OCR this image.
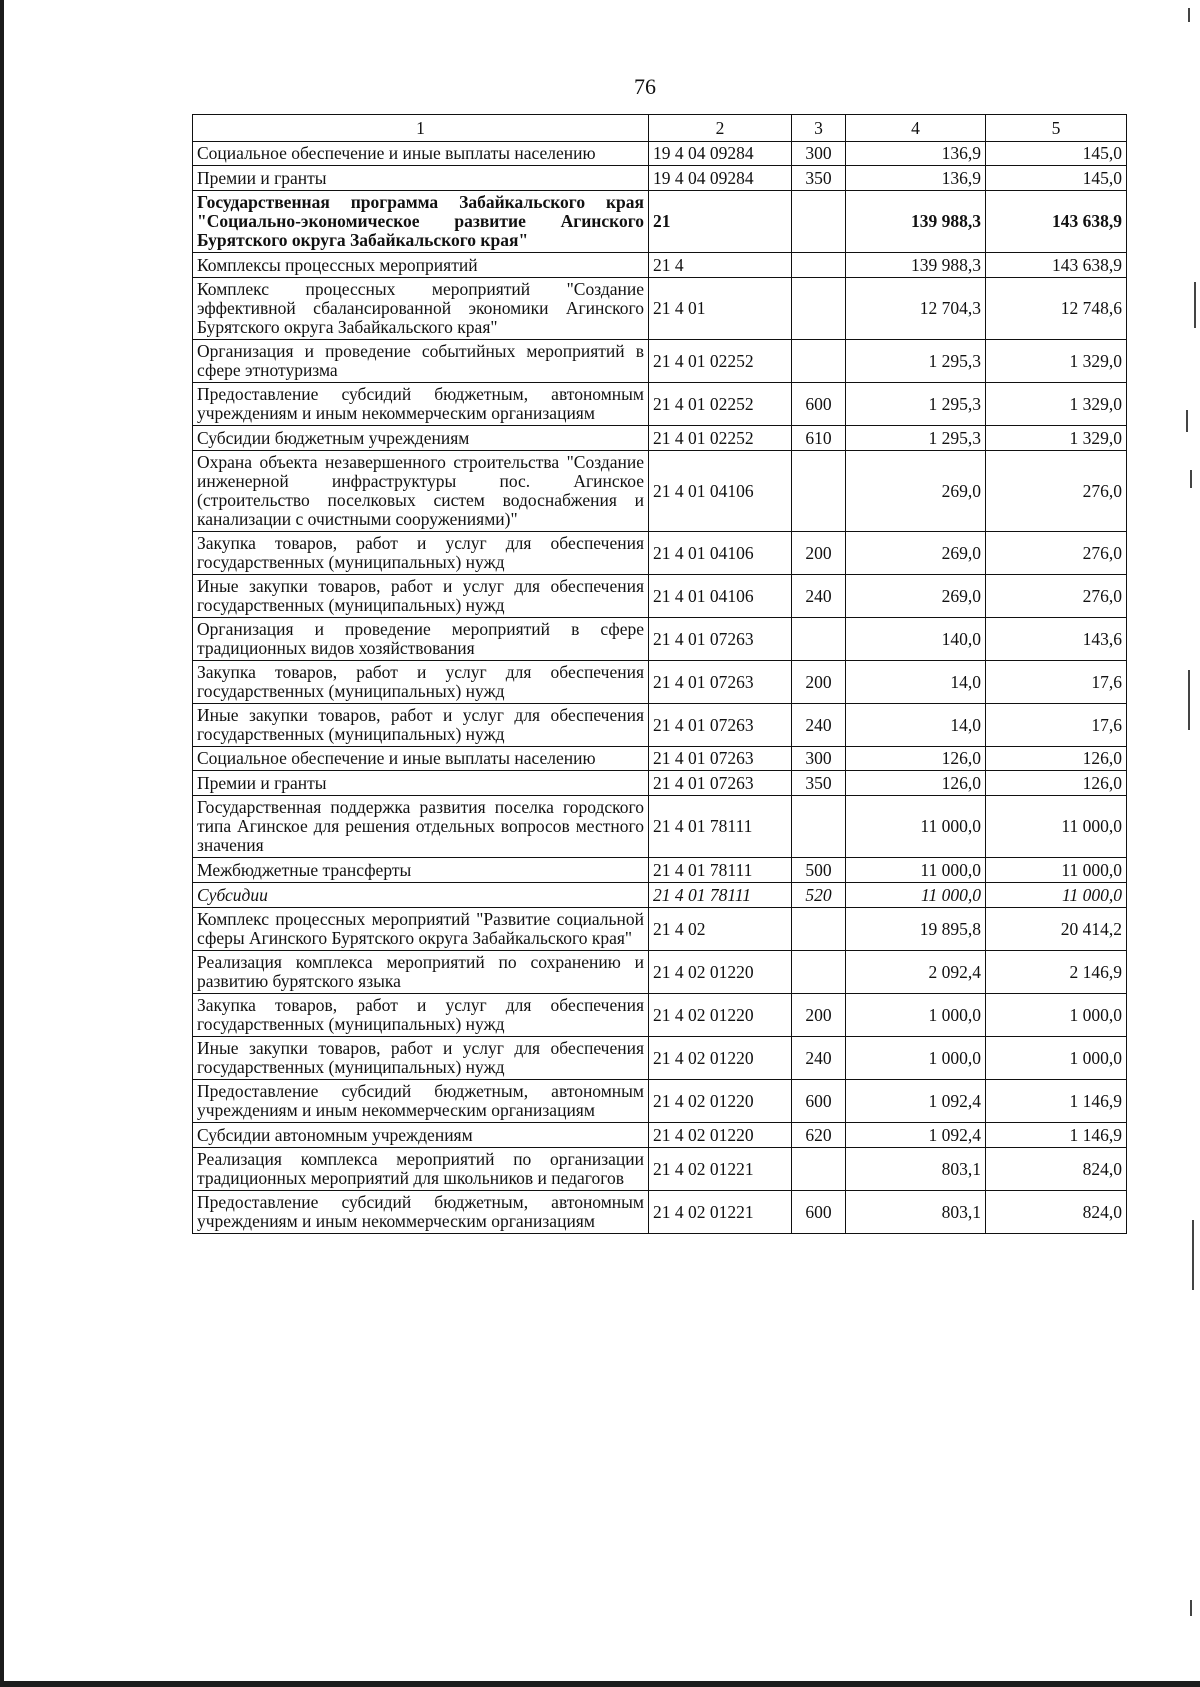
76
1	2	3	4	5
Социальное обеспечение и иные выплаты населению	19 4 04 09284	300	136,9	145,0
Премии и гранты	19 4 04 09284	350	136,9	145,0
Государственная программа Забайкальского края "Социально-экономическое развитие Агинского Бурятского округа Забайкальского края"	21		139 988,3	143 638,9
Комплексы процессных мероприятий	21 4		139 988,3	143 638,9
Комплекс процессных мероприятий "Создание эффективной сбалансированной экономики Агинского Бурятского округа Забайкальского края"	21 4 01		12 704,3	12 748,6
Организация и проведение событийных мероприятий в сфере этнотуризма	21 4 01 02252		1 295,3	1 329,0
Предоставление субсидий бюджетным, автономным учреждениям и иным некоммерческим организациям	21 4 01 02252	600	1 295,3	1 329,0
Субсидии бюджетным учреждениям	21 4 01 02252	610	1 295,3	1 329,0
Охрана объекта незавершенного строительства "Создание инженерной инфраструктуры пос. Агинское (строительство поселковых систем водоснабжения и канализации с очистными сооружениями)"	21 4 01 04106		269,0	276,0
Закупка товаров, работ и услуг для обеспечения государственных (муниципальных) нужд	21 4 01 04106	200	269,0	276,0
Иные закупки товаров, работ и услуг для обеспечения государственных (муниципальных) нужд	21 4 01 04106	240	269,0	276,0
Организация и проведение мероприятий в сфере традиционных видов хозяйствования	21 4 01 07263		140,0	143,6
Закупка товаров, работ и услуг для обеспечения государственных (муниципальных) нужд	21 4 01 07263	200	14,0	17,6
Иные закупки товаров, работ и услуг для обеспечения государственных (муниципальных) нужд	21 4 01 07263	240	14,0	17,6
Социальное обеспечение и иные выплаты населению	21 4 01 07263	300	126,0	126,0
Премии и гранты	21 4 01 07263	350	126,0	126,0
Государственная поддержка развития поселка городского типа Агинское для решения отдельных вопросов местного значения	21 4 01 78111		11 000,0	11 000,0
Межбюджетные трансферты	21 4 01 78111	500	11 000,0	11 000,0
Субсидии	21 4 01 78111	520	11 000,0	11 000,0
Комплекс процессных мероприятий "Развитие социальной сферы Агинского Бурятского округа Забайкальского края"	21 4 02		19 895,8	20 414,2
Реализация комплекса мероприятий по сохранению и развитию бурятского языка	21 4 02 01220		2 092,4	2 146,9
Закупка товаров, работ и услуг для обеспечения государственных (муниципальных) нужд	21 4 02 01220	200	1 000,0	1 000,0
Иные закупки товаров, работ и услуг для обеспечения государственных (муниципальных) нужд	21 4 02 01220	240	1 000,0	1 000,0
Предоставление субсидий бюджетным, автономным учреждениям и иным некоммерческим организациям	21 4 02 01220	600	1 092,4	1 146,9
Субсидии автономным учреждениям	21 4 02 01220	620	1 092,4	1 146,9
Реализация комплекса мероприятий по организации традиционных мероприятий для школьников и педагогов	21 4 02 01221		803,1	824,0
Предоставление субсидий бюджетным, автономным учреждениям и иным некоммерческим организациям	21 4 02 01221	600	803,1	824,0
